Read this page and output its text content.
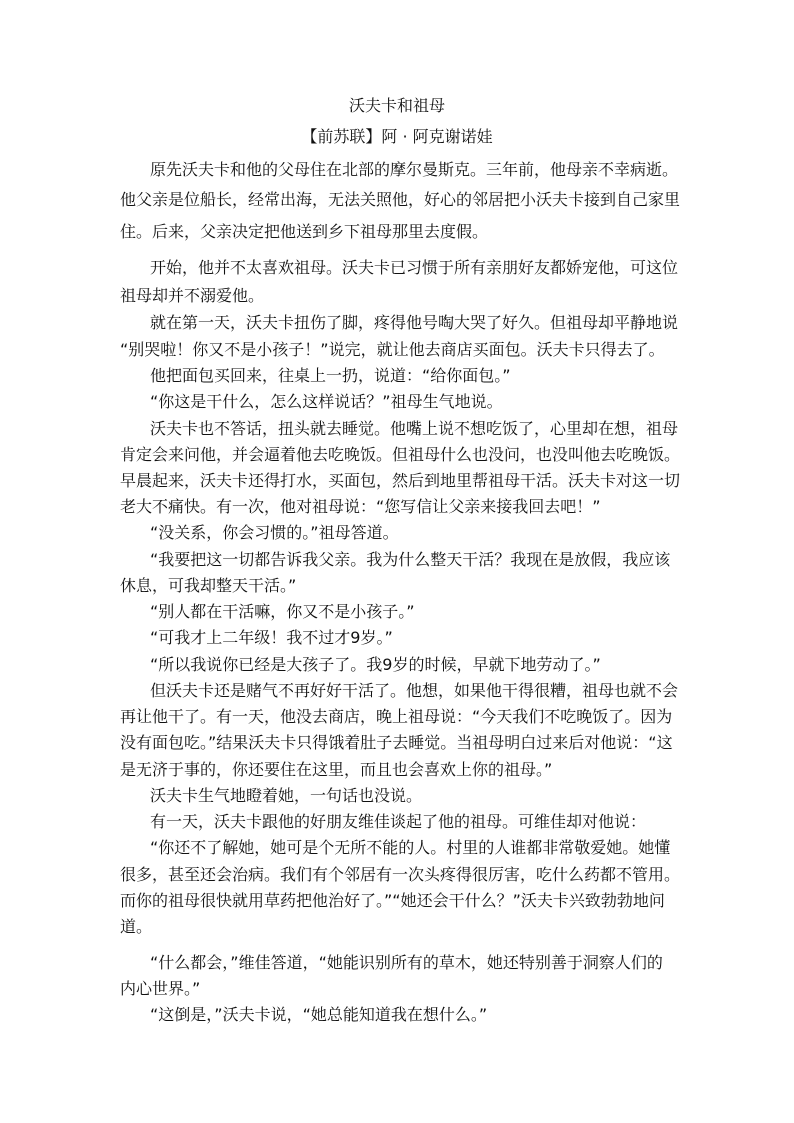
沃夫卡和祖母
【前苏联】阿 · 阿克谢诺娃
原先沃夫卡和他的父母住在北部的摩尔曼斯克。三年前，他母亲不幸病逝。
他父亲是位船长，经常出海，无法关照他，好心的邻居把小沃夫卡接到自己家里
住。后来，父亲决定把他送到乡下祖母那里去度假。
开始，他并不太喜欢祖母。沃夫卡已习惯于所有亲朋好友都娇宠他，可这位
祖母却并不溺爱他。
就在第一天，沃夫卡扭伤了脚，疼得他号啕大哭了好久。但祖母却平静地说
“别哭啦！你又不是小孩子！”说完，就让他去商店买面包。沃夫卡只得去了。
他把面包买回来，往桌上一扔，说道：“给你面包。”
“你这是干什么，怎么这样说话？”祖母生气地说。
沃夫卡也不答话，扭头就去睡觉。他嘴上说不想吃饭了，心里却在想，祖母
肯定会来问他，并会逼着他去吃晚饭。但祖母什么也没问，也没叫他去吃晚饭。
早晨起来，沃夫卡还得打水，买面包，然后到地里帮祖母干活。沃夫卡对这一切
老大不痛快。有一次，他对祖母说：“您写信让父亲来接我回去吧！”
“没关系，你会习惯的。”祖母答道。
“我要把这一切都告诉我父亲。我为什么整天干活？我现在是放假，我应该
休息，可我却整天干活。”
“别人都在干活嘛，你又不是小孩子。”
“可我才上二年级！我不过才9岁。”
“所以我说你已经是大孩子了。我9岁的时候，早就下地劳动了。”
但沃夫卡还是赌气不再好好干活了。他想，如果他干得很糟，祖母也就不会
再让他干了。有一天，他没去商店，晚上祖母说：“今天我们不吃晚饭了。因为
没有面包吃。”结果沃夫卡只得饿着肚子去睡觉。当祖母明白过来后对他说：“这
是无济于事的，你还要住在这里，而且也会喜欢上你的祖母。”
沃夫卡生气地瞪着她，一句话也没说。
有一天，沃夫卡跟他的好朋友维佳谈起了他的祖母。可维佳却对他说：
“你还不了解她，她可是个无所不能的人。村里的人谁都非常敬爱她。她懂
很多，甚至还会治病。我们有个邻居有一次头疼得很厉害，吃什么药都不管用。
而你的祖母很快就用草药把他治好了。”“她还会干什么？”沃夫卡兴致勃勃地问
道。
“什么都会，”维佳答道，“她能识别所有的草木，她还特别善于洞察人们的
内心世界。”
“这倒是，”沃夫卡说，“她总能知道我在想什么。”
